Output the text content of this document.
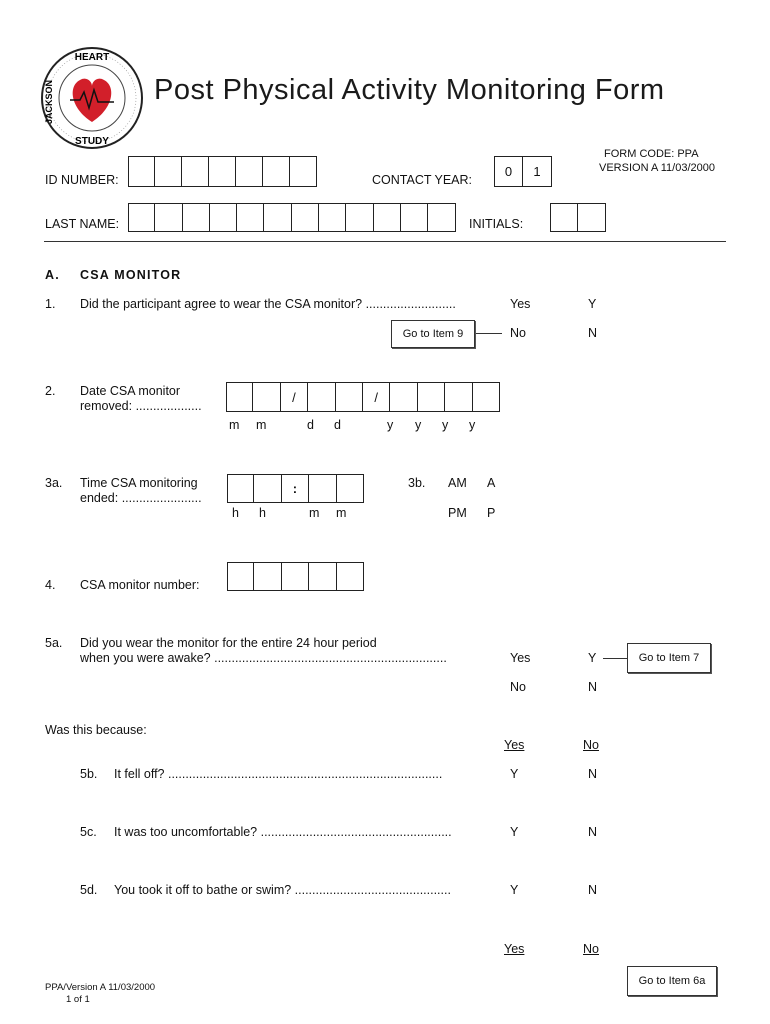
HEART
STUDY
JACKSON	Post Physical Activity Monitoring Form
FORM CODE: PPA
VERSION A 11/03/2000
ID NUMBER:	CONTACT YEAR:
0	1
LAST NAME:	INITIALS:
A. CSA MONITOR
1. Did the participant agree to wear the CSA monitor? ..........................	Yes	Y
Go to Item 9	No	N
2. Date CSA monitor
removed: ...................
/	/
m m	d d	y y y y
3a. Time CSA monitoring
ended: .......................
:
h h	m m
3b. AM A
PM P
4. CSA monitor number:
5a. Did you wear the monitor for the entire 24 hour period
when you were awake? ...................................................................	Yes	Y	Go to Item 7
No	N
Was this because:
Yes	No
5b. It fell off? ...............................................................................	Y	N
5c. It was too uncomfortable? .......................................................	Y	N
5d. You took it off to bathe or swim? .............................................	Y	N
Yes	No
Go to Item 6a
PPA/Version A 11/03/2000
1 of 1
